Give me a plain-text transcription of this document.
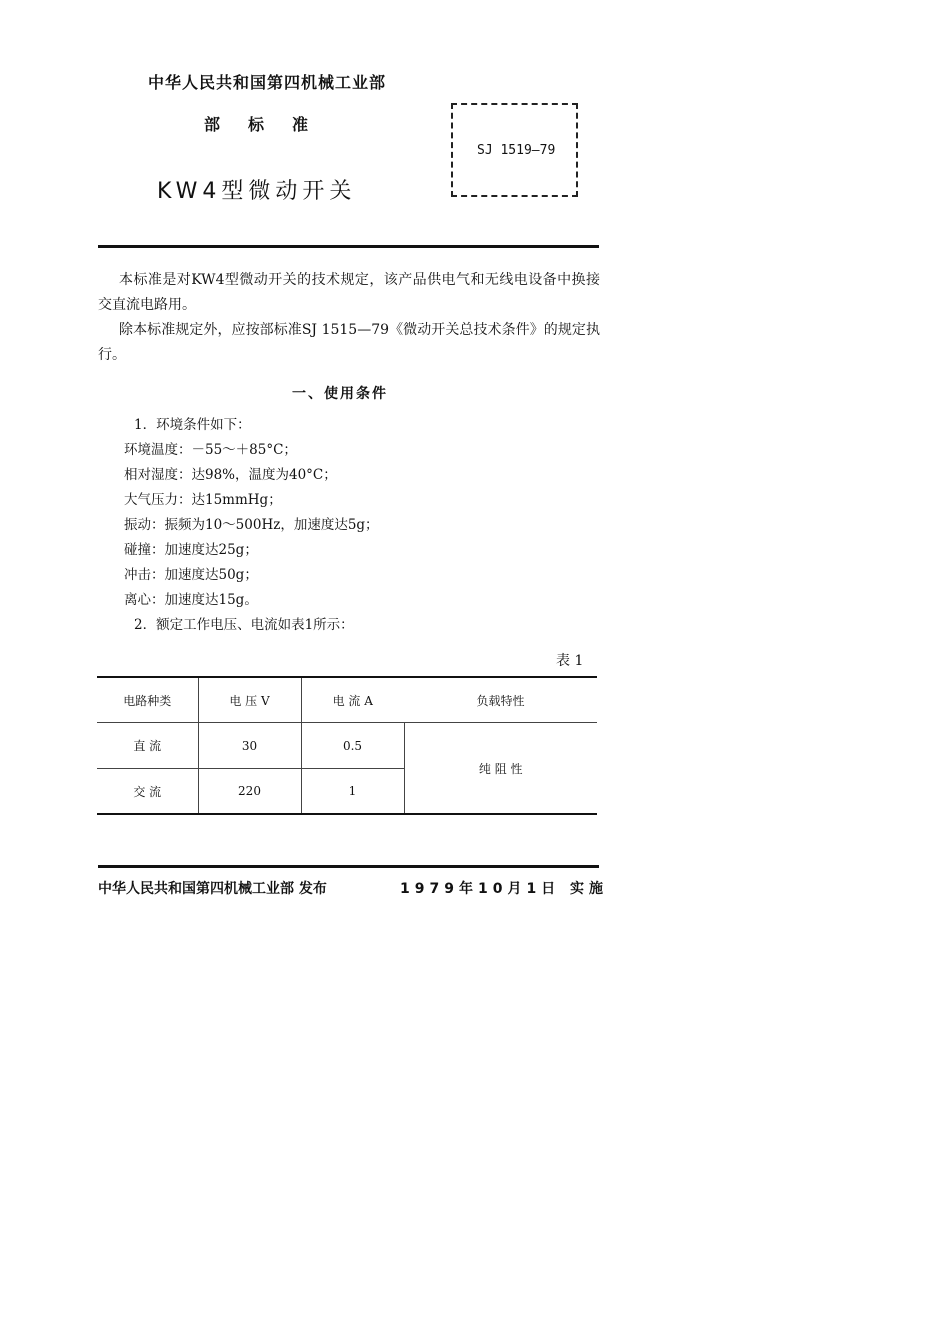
中华人民共和国第四机械工业部
部标准
KW4型微动开关
SJ 1519—79
本标准是对KW4型微动开关的技术规定，该产品供电气和无线电设备中换接交直流电路用。
除本标准规定外，应按部标准SJ 1515—79《微动开关总技术条件》的规定执行。
一、使用条件
1．环境条件如下：
环境温度：－55～＋85°C；
相对湿度：达98%，温度为40°C；
大气压力：达15mmHg；
振动：振频为10～500Hz，加速度达5g；
碰撞：加速度达25g；
冲击：加速度达50g；
离心：加速度达15g。
2．额定工作电压、电流如表1所示：
表 1
电路种类	电 压 V	电 流 A	负载特性
直 流	30	0.5	纯 阻 性
交 流	220	1	
中华人民共和国第四机械工业部 发布	1979年10月1日 实施
